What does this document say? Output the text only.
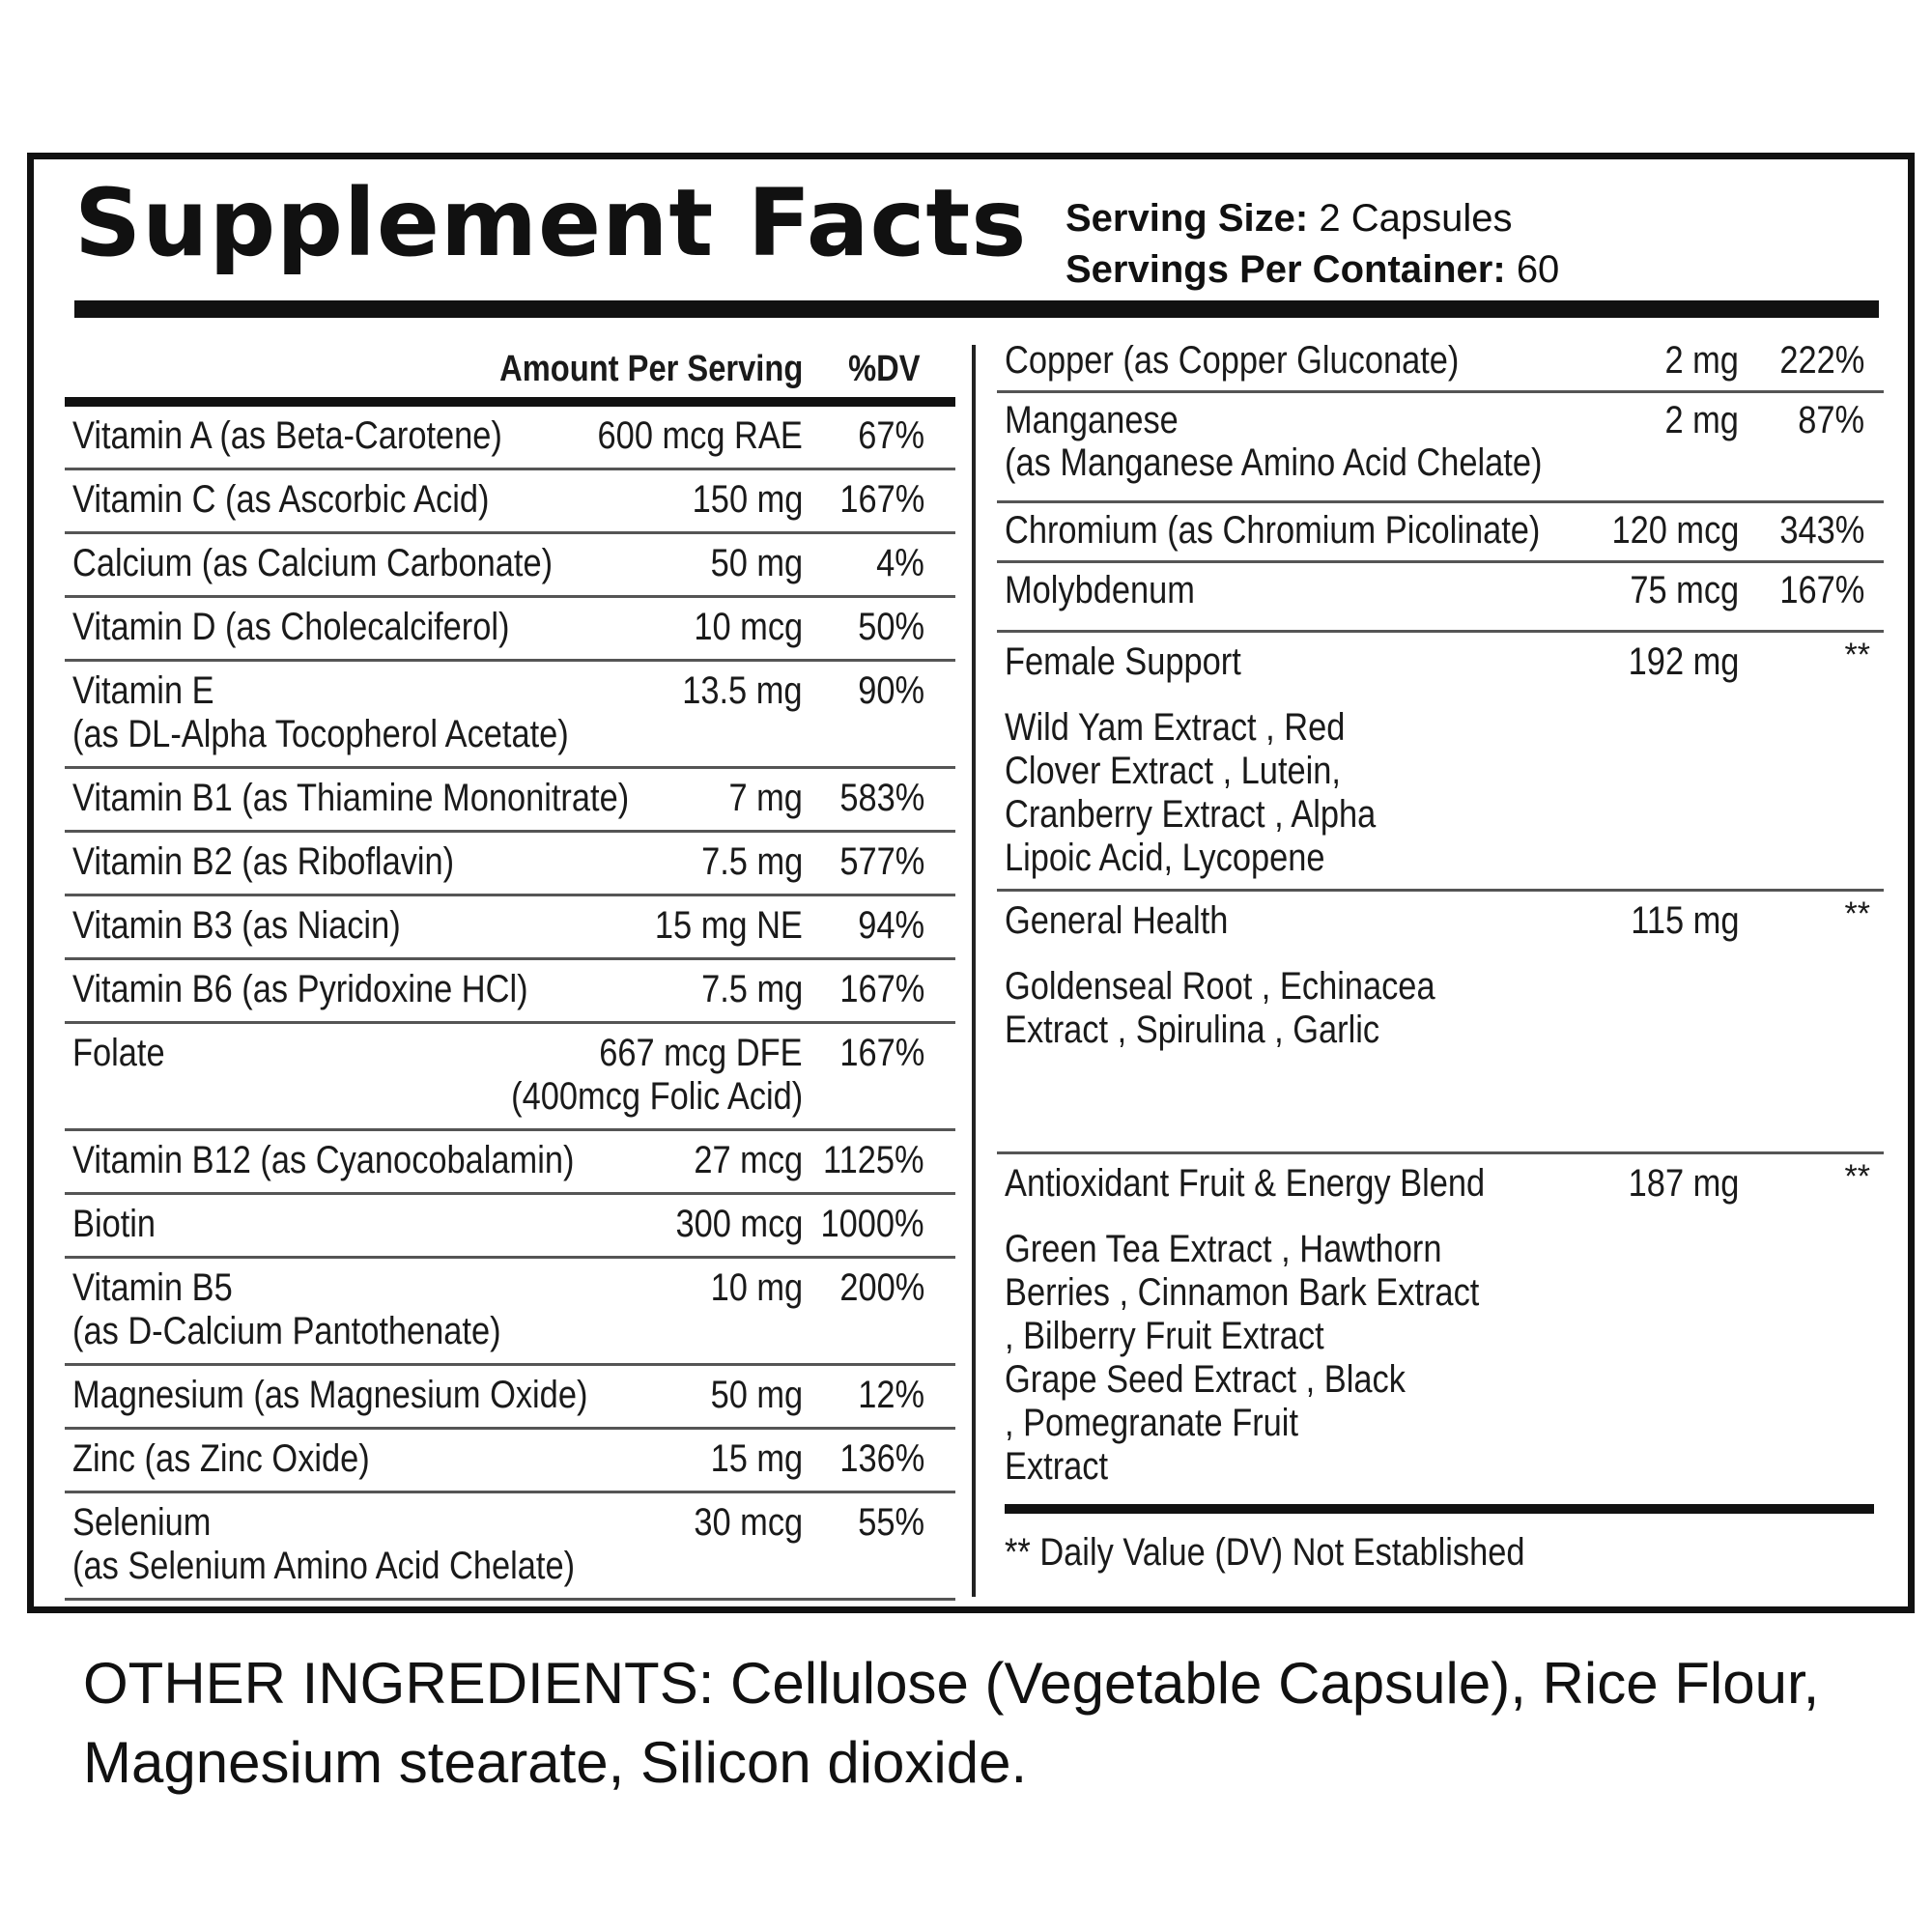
Supplement Facts Serving Size: 2 Capsules
Servings Per Container: 60
Amount Per Serving %DV
Vitamin A (as Beta-Carotene) 600 mcg RAE 67%
Vitamin C (as Ascorbic Acid)	150 mg 167%
Calcium (as Calcium Carbonate)	50 mg 4%
Vitamin D (as Cholecalciferol)	10 mcg 50%
Vitamin E
(as DL-Alpha Tocopherol Acetate)
13.5 mg 90%
Vitamin B1 (as Thiamine Mononitrate)	7 mg 583%
Vitamin B2 (as Riboflavin)	7.5 mg 577%
Vitamin B3 (as Niacin)	15 mg NE 94%
Vitamin B6 (as Pyridoxine HCl)	7.5 mg 167%
Folate	667 mcg DFE
(400mcg Folic Acid)
167%
Vitamin B12 (as Cyanocobalamin)	27 mcg 1125%
Biotin	300 mcg 1000%
Vitamin B5
(as D-Calcium Pantothenate)
10 mg 200%
Magnesium (as Magnesium Oxide)	50 mg 12%
Zinc (as Zinc Oxide)	15 mg 136%
Selenium
(as Selenium Amino Acid Chelate)
30 mcg 55%
Copper (as Copper Gluconate)	2 mg 222%
Manganese
(as Manganese Amino Acid Chelate)
2 mg 87%
Chromium (as Chromium Picolinate) 120 mcg 343%
Molybdenum	75 mcg 167%
Female Support	192 mg	**
Wild Yam Extract , Red
Clover Extract , Lutein,
Cranberry Extract , Alpha
Lipoic Acid, Lycopene
General Health	115 mg	**
Goldenseal Root , Echinacea
Extract , Spirulina , Garlic
Antioxidant Fruit & Energy Blend	187 mg	**
Green Tea Extract , Hawthorn
Berries , Cinnamon Bark Extract
, Bilberry Fruit Extract
Grape Seed Extract , Black
, Pomegranate Fruit
Extract
** Daily Value (DV) Not Established
OTHER INGREDIENTS: Cellulose (Vegetable Capsule), Rice Flour, Magnesium stearate, Silicon dioxide.
